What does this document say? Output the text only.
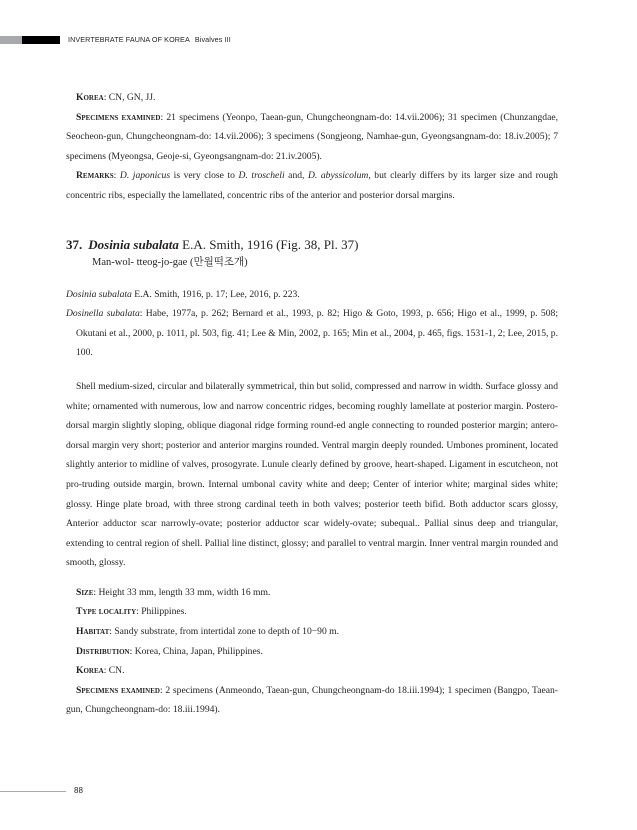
INVERTEBRATE FAUNA OF KOREA Bivalves III

Korea: CN, GN, JJ.

Specimens examined: 21 specimens (Yeonpo, Taean-gun, Chungcheongnam-do: 14.vii.2006); 31 specimen (Chunzangdae, Seocheon-gun, Chungcheongnam-do: 14.vii.2006); 3 specimens (Songjeong, Namhae-gun, Gyeongsangnam-do: 18.iv.2005); 7 specimens (Myeongsa, Geoje-si, Gyeongsangnam-do: 21.iv.2005).

Remarks: D. japonicus is very close to D. troscheli and, D. abyssicolum, but clearly differs by its larger size and rough concentric ribs, especially the lamellated, concentric ribs of the anterior and posterior dorsal margins.

37. Dosinia subalata E.A. Smith, 1916 (Fig. 38, Pl. 37)

Man-wol- tteog-jo-gae (만월떡조개)

Dosinia subalata E.A. Smith, 1916, p. 17; Lee, 2016, p. 223.

Dosinella subalata: Habe, 1977a, p. 262; Bernard et al., 1993, p. 82; Higo & Goto, 1993, p. 656; Higo et al., 1999, p. 508; Okutani et al., 2000, p. 1011, pl. 503, fig. 41; Lee & Min, 2002, p. 165; Min et al., 2004, p. 465, figs. 1531-1, 2; Lee, 2015, p. 100.

Shell medium-sized, circular and bilaterally symmetrical, thin but solid, compressed and narrow in width. Surface glossy and white; ornamented with numerous, low and narrow concentric ridges, becoming roughly lamellate at posterior margin. Postero-dorsal margin slightly sloping, oblique diagonal ridge forming round-ed angle connecting to rounded posterior margin; antero-dorsal margin very short; posterior and anterior margins rounded. Ventral margin deeply rounded. Umbones prominent, located slightly anterior to midline of valves, prosogyrate. Lunule clearly defined by groove, heart-shaped. Ligament in escutcheon, not pro-truding outside margin, brown. Internal umbonal cavity white and deep; Center of interior white; marginal sides white; glossy. Hinge plate broad, with three strong cardinal teeth in both valves; posterior teeth bifid. Both adductor scars glossy, Anterior adductor scar narrowly-ovate; posterior adductor scar widely-ovate; subequal.. Pallial sinus deep and triangular, extending to central region of shell. Pallial line distinct, glossy; and parallel to ventral margin. Inner ventral margin rounded and smooth, glossy.

Size: Height 33 mm, length 33 mm, width 16 mm.

Type locality: Philippines.

Habitat: Sandy substrate, from intertidal zone to depth of 10−90 m.

Distribution: Korea, China, Japan, Philippines.

Korea: CN.

Specimens examined: 2 specimens (Anmeondo, Taean-gun, Chungcheongnam-do 18.iii.1994); 1 specimen (Bangpo, Taean-gun, Chungcheongnam-do: 18.iii.1994).

88
